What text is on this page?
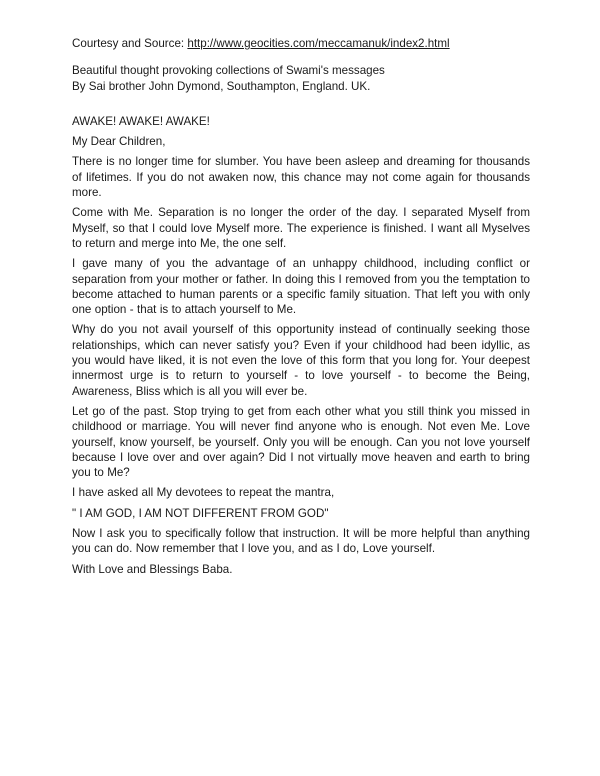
Courtesy and Source: http://www.geocities.com/meccamanuk/index2.html

Beautiful thought provoking collections of Swami's messages
By Sai brother John Dymond, Southampton, England. UK.

AWAKE! AWAKE! AWAKE!

My Dear Children,

There is no longer time for slumber. You have been asleep and dreaming for thousands of lifetimes. If you do not awaken now, this chance may not come again for thousands more.

Come with Me. Separation is no longer the order of the day. I separated Myself from Myself, so that I could love Myself more. The experience is finished. I want all Myselves to return and merge into Me, the one self.

I gave many of you the advantage of an unhappy childhood, including conflict or separation from your mother or father. In doing this I removed from you the temptation to become attached to human parents or a specific family situation. That left you with only one option - that is to attach yourself to Me.

Why do you not avail yourself of this opportunity instead of continually seeking those relationships, which can never satisfy you? Even if your childhood had been idyllic, as you would have liked, it is not even the love of this form that you long for. Your deepest innermost urge is to return to yourself - to love yourself - to become the Being, Awareness, Bliss which is all you will ever be.

Let go of the past. Stop trying to get from each other what you still think you missed in childhood or marriage. You will never find anyone who is enough. Not even Me. Love yourself, know yourself, be yourself. Only you will be enough. Can you not love yourself because I love over and over again? Did I not virtually move heaven and earth to bring you to Me?

I have asked all My devotees to repeat the mantra,

" I AM GOD, I AM NOT DIFFERENT FROM GOD"

Now I ask you to specifically follow that instruction. It will be more helpful than anything you can do. Now remember that I love you, and as I do, Love yourself.

With Love and Blessings Baba.
